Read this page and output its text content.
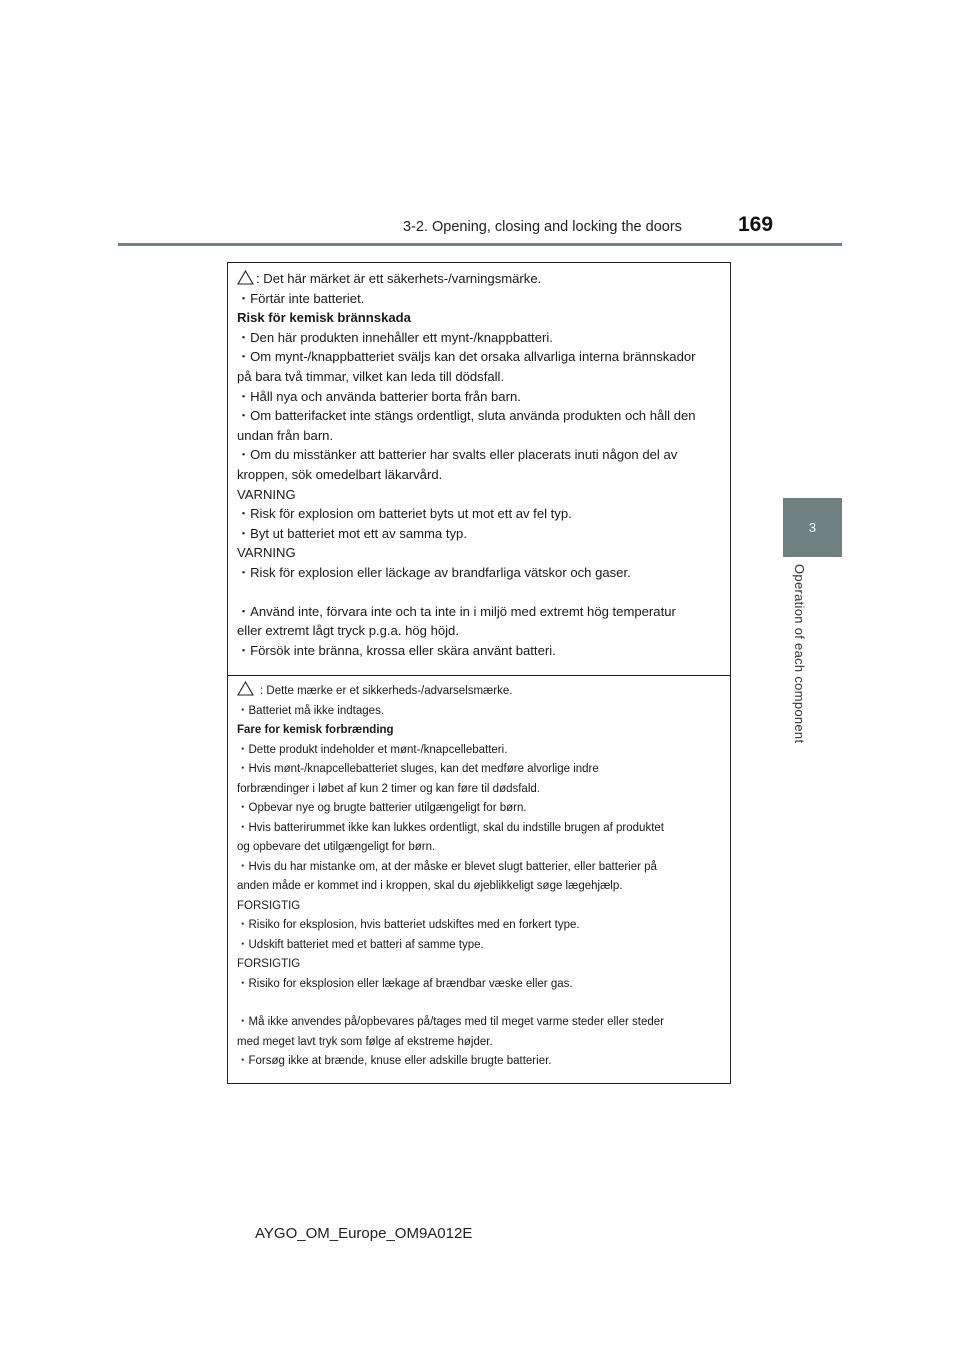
3-2. Opening, closing and locking the doors	169
3
Operation of each component
: Det här märket är ett säkerhets-/varningsmärke.
・Förtär inte batteriet.
Risk för kemisk brännskada
・Den här produkten innehåller ett mynt-/knappbatteri.
・Om mynt-/knappbatteriet sväljs kan det orsaka allvarliga interna brännskador
på bara två timmar, vilket kan leda till dödsfall.
・Håll nya och använda batterier borta från barn.
・Om batterifacket inte stängs ordentligt, sluta använda produkten och håll den
undan från barn.
・Om du misstänker att batterier har svalts eller placerats inuti någon del av
kroppen, sök omedelbart läkarvård.
VARNING
・Risk för explosion om batteriet byts ut mot ett av fel typ.
・Byt ut batteriet mot ett av samma typ.
VARNING
・Risk för explosion eller läckage av brandfarliga vätskor och gaser.
・Använd inte, förvara inte och ta inte in i miljö med extremt hög temperatur
eller extremt lågt tryck p.g.a. hög höjd.
・Försök inte bränna, krossa eller skära använt batteri.
: Dette mærke er et sikkerheds-/advarselsmærke.
・Batteriet må ikke indtages.
Fare for kemisk forbrænding
・Dette produkt indeholder et mønt-/knapcellebatteri.
・Hvis mønt-/knapcellebatteriet sluges, kan det medføre alvorlige indre
forbrændinger i løbet af kun 2 timer og kan føre til dødsfald.
・Opbevar nye og brugte batterier utilgængeligt for børn.
・Hvis batterirummet ikke kan lukkes ordentligt, skal du indstille brugen af produktet
og opbevare det utilgængeligt for børn.
・Hvis du har mistanke om, at der måske er blevet slugt batterier, eller batterier på
anden måde er kommet ind i kroppen, skal du øjeblikkeligt søge lægehjælp.
FORSIGTIG
・Risiko for eksplosion, hvis batteriet udskiftes med en forkert type.
・Udskift batteriet med et batteri af samme type.
FORSIGTIG
・Risiko for eksplosion eller lækage af brændbar væske eller gas.
・Må ikke anvendes på/opbevares på/tages med til meget varme steder eller steder
med meget lavt tryk som følge af ekstreme højder.
・Forsøg ikke at brænde, knuse eller adskille brugte batterier.
AYGO_OM_Europe_OM9A012E
